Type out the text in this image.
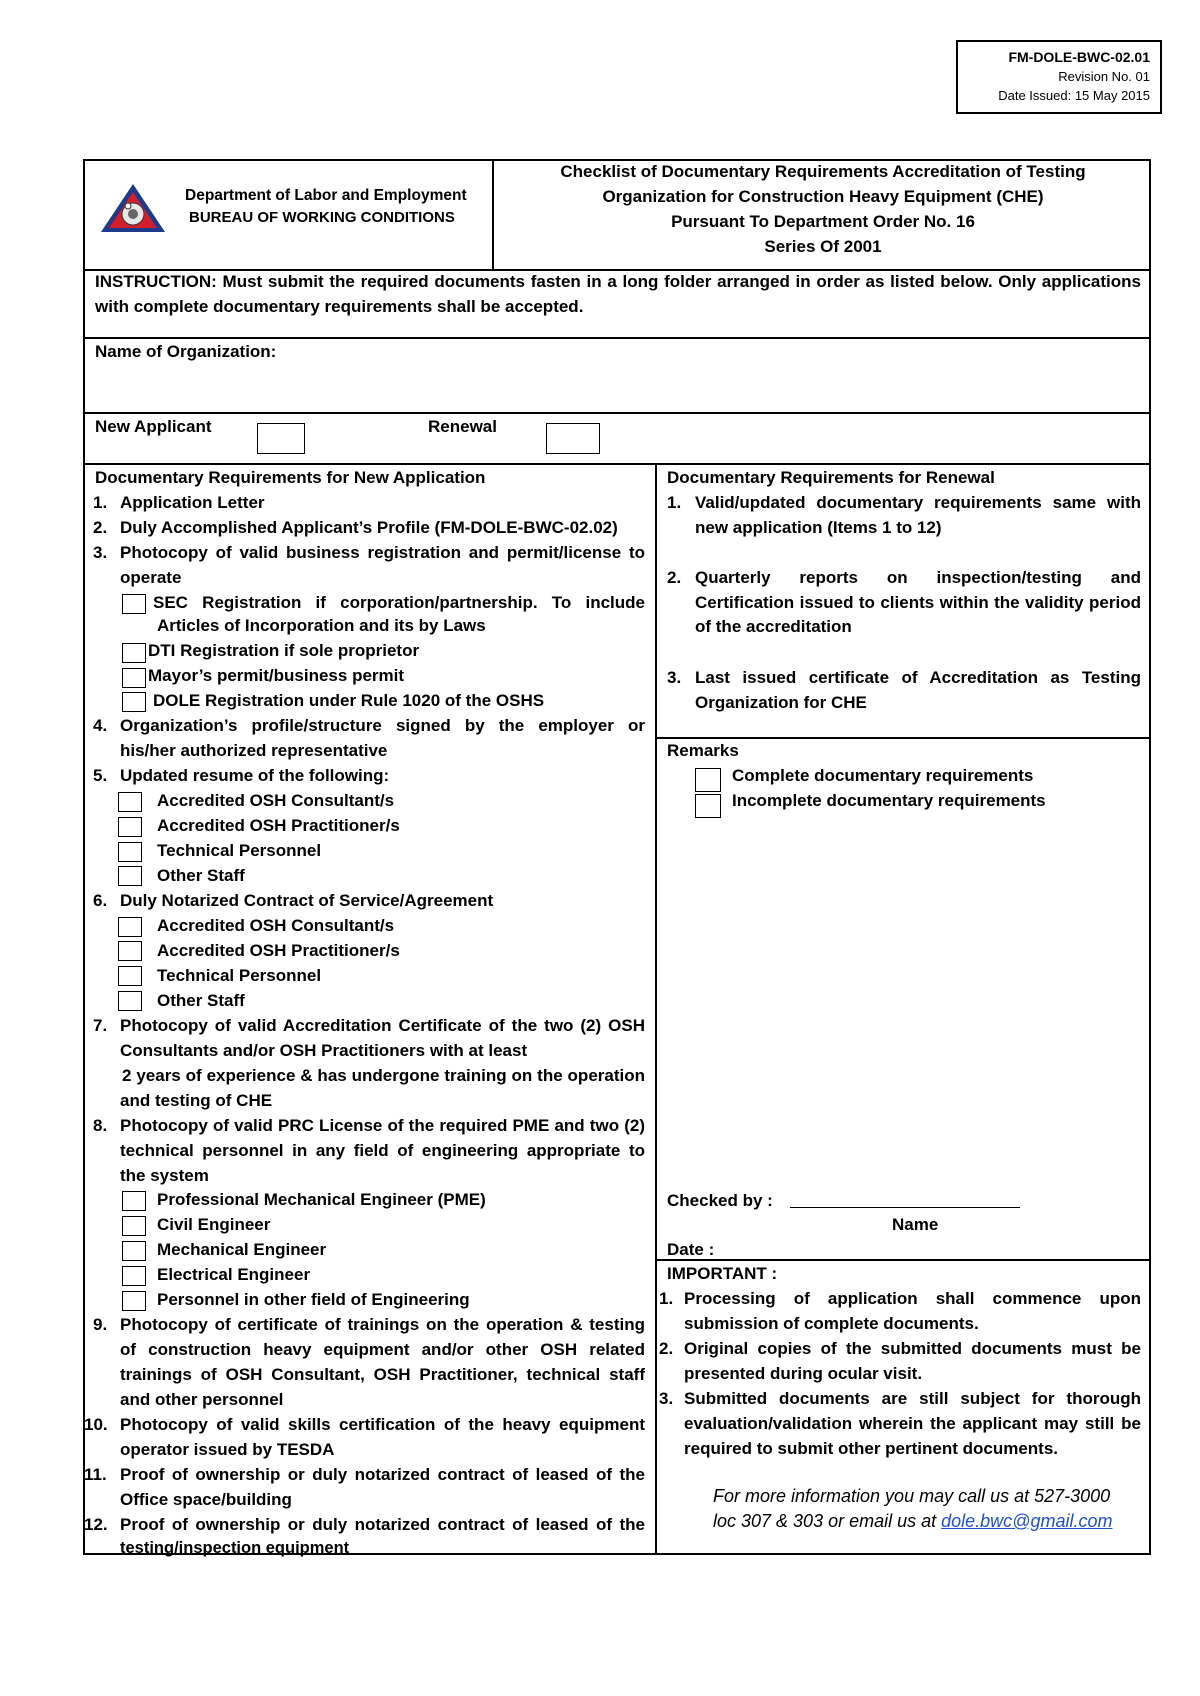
FM-DOLE-BWC-02.01
Revision No. 01
Date Issued: 15 May 2015
Department of Labor and Employment
BUREAU OF WORKING CONDITIONS
Checklist of Documentary Requirements Accreditation of Testing
Organization for Construction Heavy Equipment (CHE)
Pursuant To Department Order No. 16
Series Of 2001
INSTRUCTION: Must submit the required documents fasten in a long folder arranged in order as listed below. Only applications
with complete documentary requirements shall be accepted.
Name of Organization:
New Applicant	Renewal
Documentary Requirements for New Application
1. Application Letter
2. Duly Accomplished Applicant’s Profile (FM-DOLE-BWC-02.02)
3. Photocopy of valid business registration and permit/license to
operate
SEC Registration if corporation/partnership. To include
Articles of Incorporation and its by Laws
DTI Registration if sole proprietor
Mayor’s permit/business permit
DOLE Registration under Rule 1020 of the OSHS
4. Organization’s profile/structure signed by the employer or
his/her authorized representative
5. Updated resume of the following:
Accredited OSH Consultant/s
Accredited OSH Practitioner/s
Technical Personnel
Other Staff
6. Duly Notarized Contract of Service/Agreement
Accredited OSH Consultant/s
Accredited OSH Practitioner/s
Technical Personnel
Other Staff
7. Photocopy of valid Accreditation Certificate of the two (2) OSH
Consultants and/or OSH Practitioners with at least
2 years of experience & has undergone training on the operation
and testing of CHE
8. Photocopy of valid PRC License of the required PME and two (2)
technical personnel in any field of engineering appropriate to
the system
Professional Mechanical Engineer (PME)
Civil Engineer
Mechanical Engineer
Electrical Engineer
Personnel in other field of Engineering
9. Photocopy of certificate of trainings on the operation & testing
of construction heavy equipment and/or other OSH related
trainings of OSH Consultant, OSH Practitioner, technical staff
and other personnel
10. Photocopy of valid skills certification of the heavy equipment
operator issued by TESDA
11. Proof of ownership or duly notarized contract of leased of the
Office space/building
12. Proof of ownership or duly notarized contract of leased of the
testing/inspection equipment
Documentary Requirements for Renewal
1. Valid/updated documentary requirements same with
new application (Items 1 to 12)
2. Quarterly reports on inspection/testing and
Certification issued to clients within the validity period
of the accreditation
3. Last issued certificate of Accreditation as Testing
Organization for CHE
Remarks
Complete documentary requirements
Incomplete documentary requirements
Checked by :
Name
Date :
IMPORTANT :
1. Processing of application shall commence upon
submission of complete documents.
2. Original copies of the submitted documents must be
presented during ocular visit.
3. Submitted documents are still subject for thorough
evaluation/validation wherein the applicant may still be
required to submit other pertinent documents.
For more information you may call us at 527-3000
loc 307 & 303 or email us at dole.bwc@gmail.com
